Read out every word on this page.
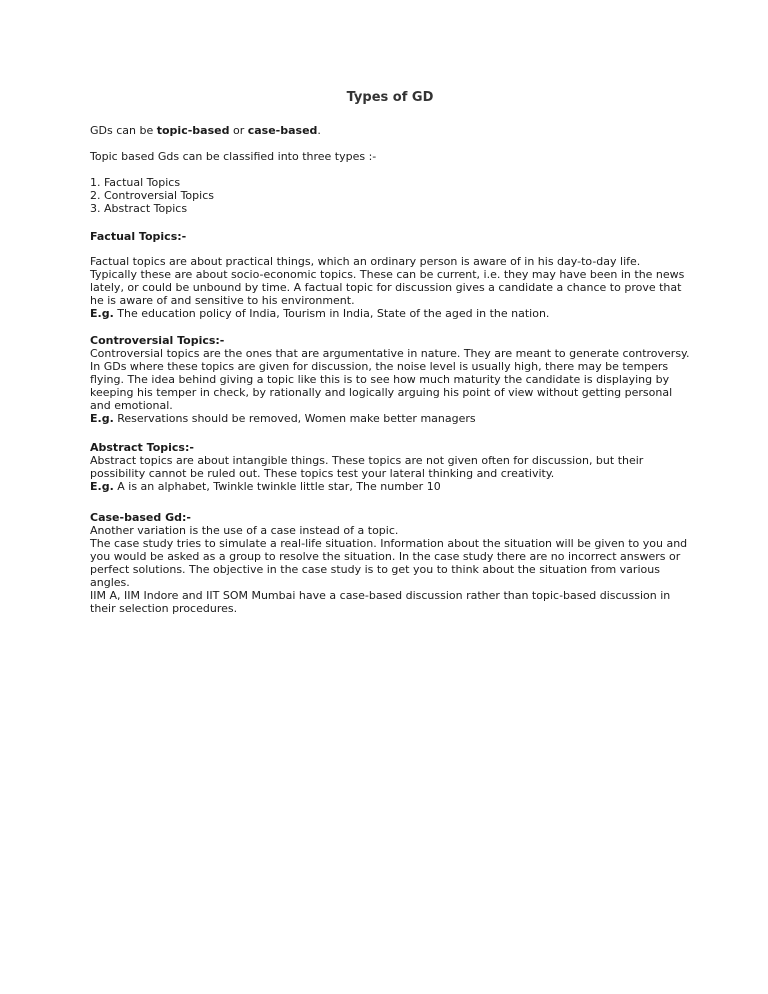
Types of GD

GDs can be topic-based or case-based.

Topic based Gds can be classified into three types :-

1. Factual Topics
2. Controversial Topics
3. Abstract Topics

Factual Topics:-

Factual topics are about practical things, which an ordinary person is aware of in his day-to-day life.
Typically these are about socio-economic topics. These can be current, i.e. they may have been in the news
lately, or could be unbound by time. A factual topic for discussion gives a candidate a chance to prove that
he is aware of and sensitive to his environment.
E.g. The education policy of India, Tourism in India, State of the aged in the nation.
Controversial Topics:-
Controversial topics are the ones that are argumentative in nature. They are meant to generate controversy.
In GDs where these topics are given for discussion, the noise level is usually high, there may be tempers
flying. The idea behind giving a topic like this is to see how much maturity the candidate is displaying by
keeping his temper in check, by rationally and logically arguing his point of view without getting personal
and emotional.
E.g. Reservations should be removed, Women make better managers
Abstract Topics:-
Abstract topics are about intangible things. These topics are not given often for discussion, but their
possibility cannot be ruled out. These topics test your lateral thinking and creativity.
E.g. A is an alphabet, Twinkle twinkle little star, The number 10
Case-based Gd:-
Another variation is the use of a case instead of a topic.
The case study tries to simulate a real-life situation. Information about the situation will be given to you and
you would be asked as a group to resolve the situation. In the case study there are no incorrect answers or
perfect solutions. The objective in the case study is to get you to think about the situation from various
angles.
IIM A, IIM Indore and IIT SOM Mumbai have a case-based discussion rather than topic-based discussion in
their selection procedures.
